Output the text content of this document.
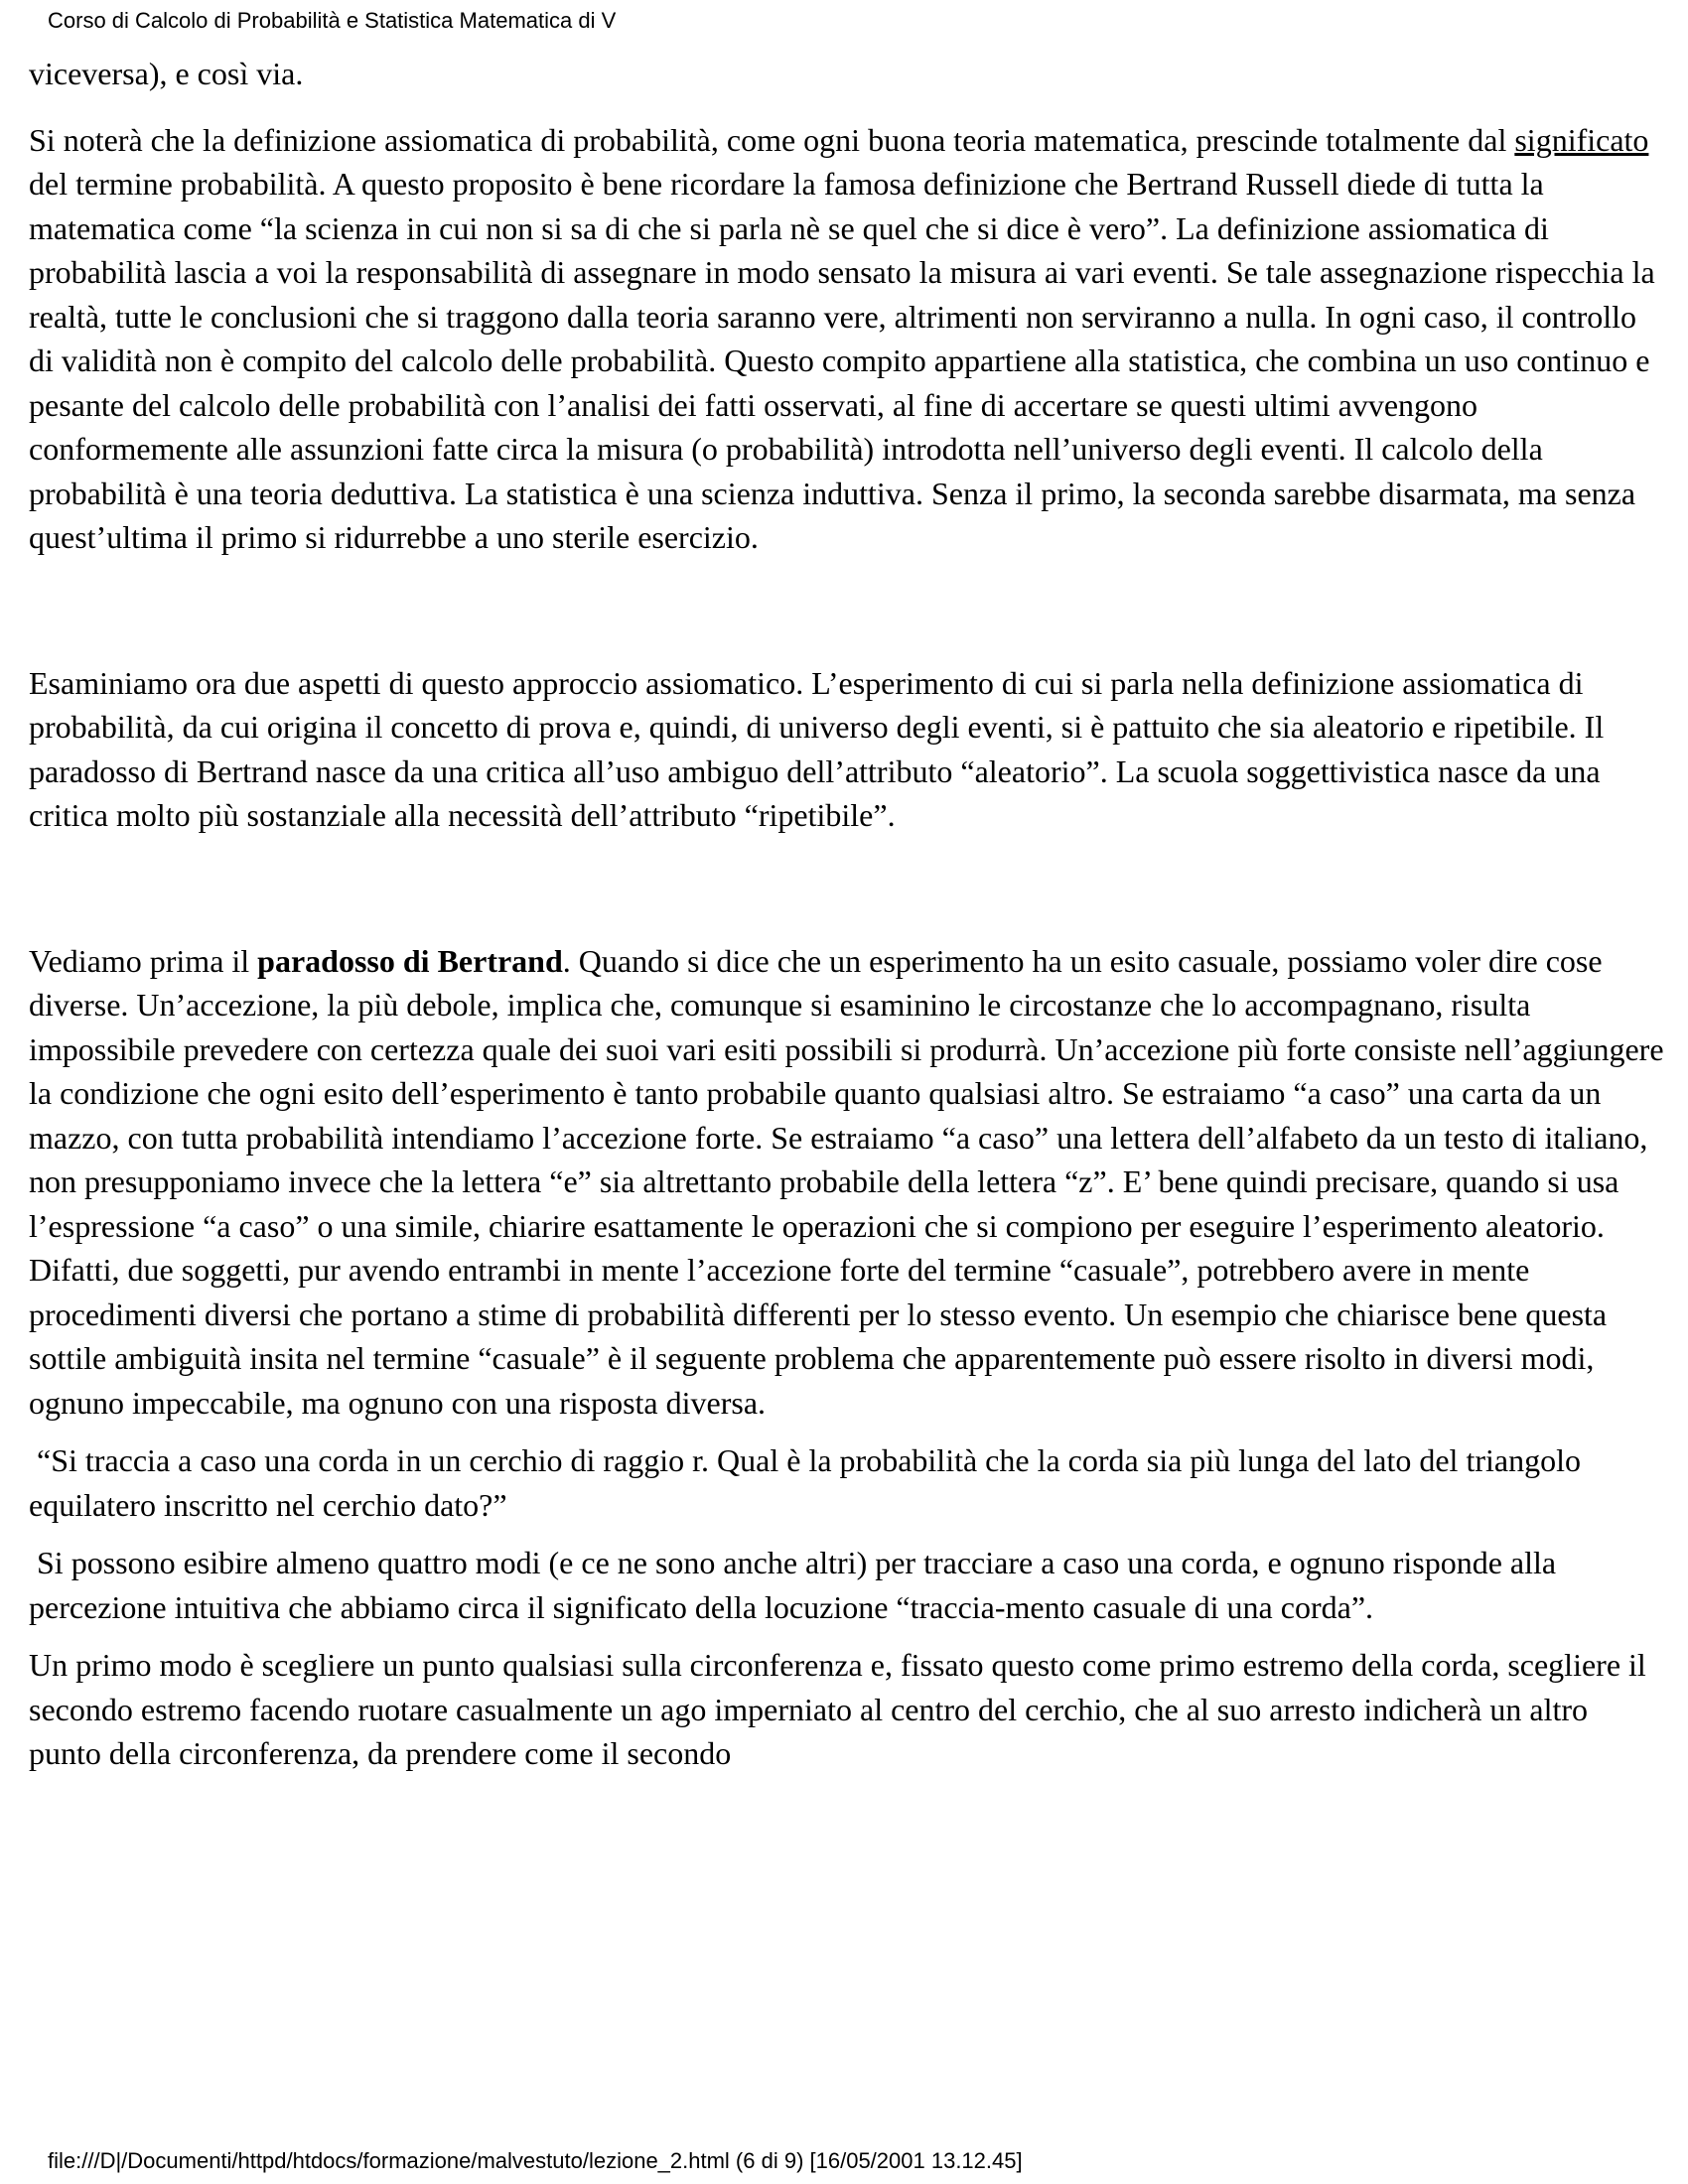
Corso di Calcolo di Probabilità e Statistica Matematica di V

viceversa), e così via.

Si noterà che la definizione assiomatica di probabilità, come ogni buona teoria matematica, prescinde totalmente dal significato del termine probabilità. A questo proposito è bene ricordare la famosa definizione che Bertrand Russell diede di tutta la matematica come “la scienza in cui non si sa di che si parla nè se quel che si dice è vero”. La definizione assiomatica di probabilità lascia a voi la responsabilità di assegnare in modo sensato la misura ai vari eventi. Se tale assegnazione rispecchia la realtà, tutte le conclusioni che si traggono dalla teoria saranno vere, altrimenti non serviranno a nulla. In ogni caso, il controllo di validità non è compito del calcolo delle probabilità. Questo compito appartiene alla statistica, che combina un uso continuo e pesante del calcolo delle probabilità con l’analisi dei fatti osservati, al fine di accertare se questi ultimi avvengono conformemente alle assunzioni fatte circa la misura (o probabilità) introdotta nell’universo degli eventi. Il calcolo della probabilità è una teoria deduttiva. La statistica è una scienza induttiva. Senza il primo, la seconda sarebbe disarmata, ma senza quest’ultima il primo si ridurrebbe a uno sterile esercizio.

Esaminiamo ora due aspetti di questo approccio assiomatico. L’esperimento di cui si parla nella definizione assiomatica di probabilità, da cui origina il concetto di prova e, quindi, di universo degli eventi, si è pattuito che sia aleatorio e ripetibile. Il paradosso di Bertrand nasce da una critica all’uso ambiguo dell’attributo “aleatorio”. La scuola soggettivistica nasce da una critica molto più sostanziale alla necessità dell’attributo “ripetibile”.

Vediamo prima il paradosso di Bertrand. Quando si dice che un esperimento ha un esito casuale, possiamo voler dire cose diverse. Un’accezione, la più debole, implica che, comunque si esaminino le circostanze che lo accompagnano, risulta impossibile prevedere con certezza quale dei suoi vari esiti possibili si produrrà. Un’accezione più forte consiste nell’aggiungere la condizione che ogni esito dell’esperimento è tanto probabile quanto qualsiasi altro. Se estraiamo “a caso” una carta da un mazzo, con tutta probabilità intendiamo l’accezione forte. Se estraiamo “a caso” una lettera dell’alfabeto da un testo di italiano, non presupponiamo invece che la lettera “e” sia altrettanto probabile della lettera “z”. E’ bene quindi precisare, quando si usa l’espressione “a caso” o una simile, chiarire esattamente le operazioni che si compiono per eseguire l’esperimento aleatorio. Difatti, due soggetti, pur avendo entrambi in mente l’accezione forte del termine “casuale”, potrebbero avere in mente procedimenti diversi che portano a stime di probabilità differenti per lo stesso evento. Un esempio che chiarisce bene questa sottile ambiguità insita nel termine “casuale” è il seguente problema che apparentemente può essere risolto in diversi modi, ognuno impeccabile, ma ognuno con una risposta diversa.

“Si traccia a caso una corda in un cerchio di raggio r. Qual è la probabilità che la corda sia più lunga del lato del triangolo equilatero inscritto nel cerchio dato?”

Si possono esibire almeno quattro modi (e ce ne sono anche altri) per tracciare a caso una corda, e ognuno risponde alla percezione intuitiva che abbiamo circa il significato della locuzione “traccia-mento casuale di una corda”.

Un primo modo è scegliere un punto qualsiasi sulla circonferenza e, fissato questo come primo estremo della corda, scegliere il secondo estremo facendo ruotare casualmente un ago imperniato al centro del cerchio, che al suo arresto indicherà un altro punto della circonferenza, da prendere come il secondo

file:///D|/Documenti/httpd/htdocs/formazione/malvestuto/lezione_2.html (6 di 9) [16/05/2001 13.12.45]
